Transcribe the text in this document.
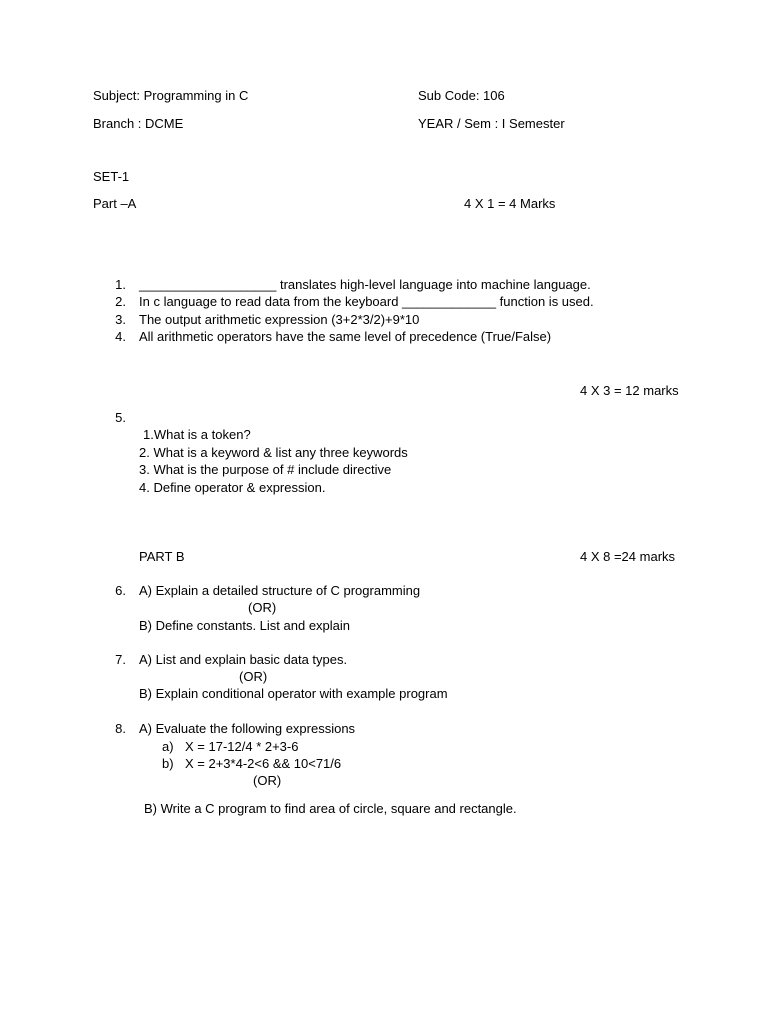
Subject: Programming in C	Sub Code: 106
Branch : DCME	YEAR / Sem : I Semester
SET-1
Part –A	4 X 1 = 4 Marks
1. ___________________ translates high-level language into machine language.
2. In c language to read data from the keyboard _____________ function is used.
3. The output arithmetic expression (3+2*3/2)+9*10
4. All arithmetic operators have the same level of precedence (True/False)
4 X 3 = 12 marks
5.
1.What is a token?
2. What is a keyword & list any three keywords
3. What is the purpose of # include directive
4. Define operator & expression.
PART B	4 X 8 =24 marks
6. A) Explain a detailed structure of C programming
(OR)
B) Define constants. List and explain
7. A) List and explain basic data types.
(OR)
B) Explain conditional operator with example program
8. A) Evaluate the following expressions
a) X = 17-12/4 * 2+3-6
b) X = 2+3*4-2<6 && 10<71/6
(OR)
B) Write a C program to find area of circle, square and rectangle.
